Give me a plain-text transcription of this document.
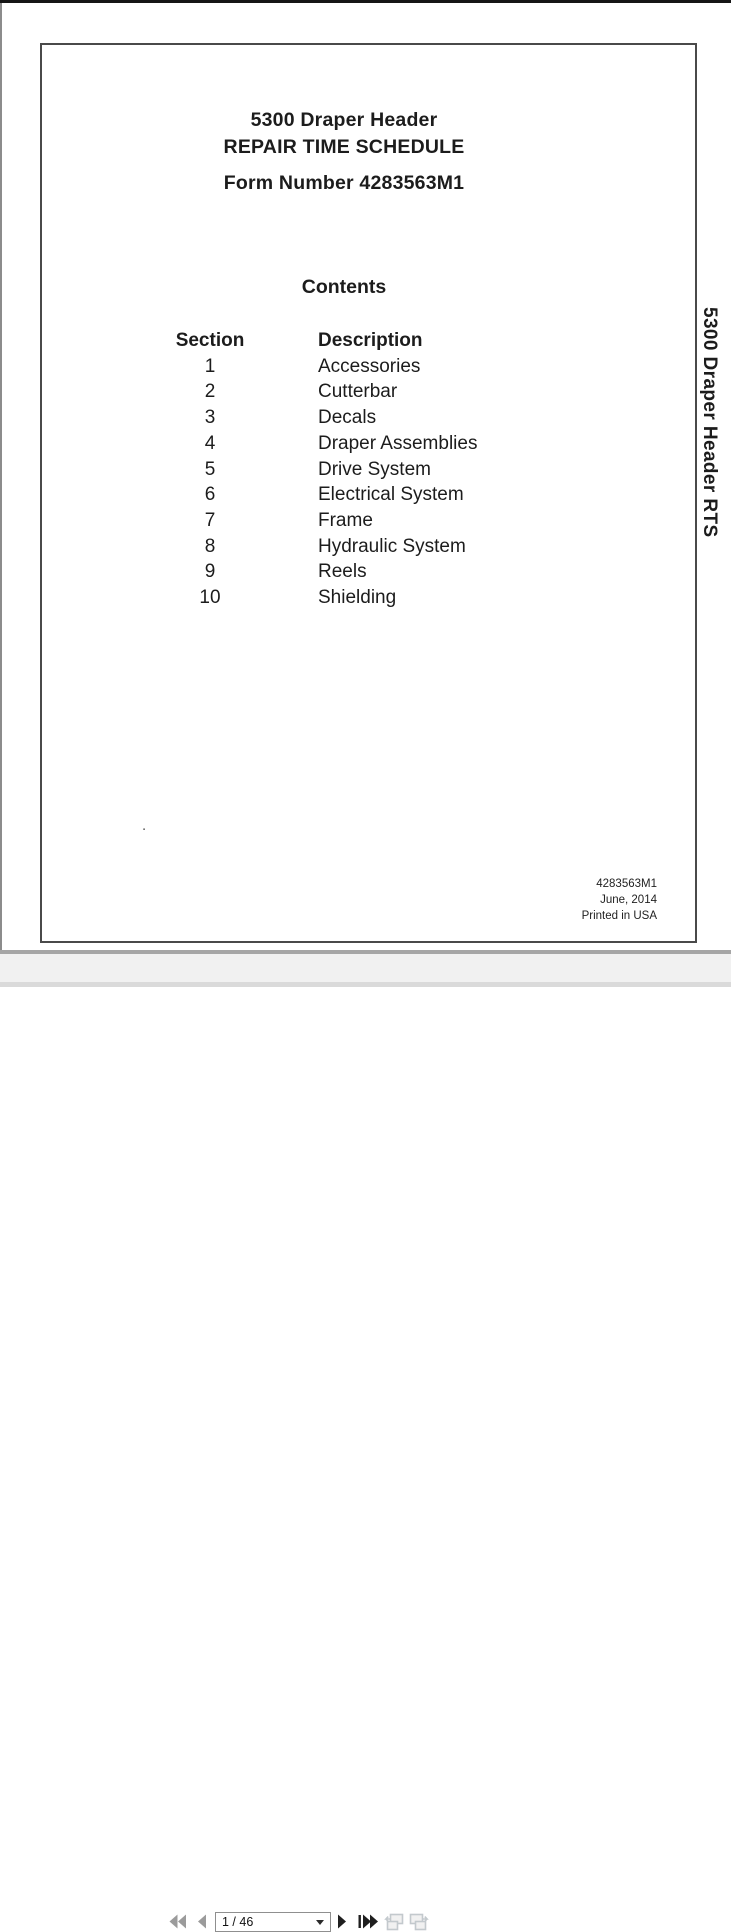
5300 Draper Header
REPAIR TIME SCHEDULE
Form Number 4283563M1
Contents
Section	Description
1	Accessories
2	Cutterbar
3	Decals
4	Draper Assemblies
5	Drive System
6	Electrical System
7	Frame
8	Hydraulic System
9	Reels
10	Shielding
.
4283563M1
June, 2014
Printed in USA
5300 Draper Header RTS
1 / 46
